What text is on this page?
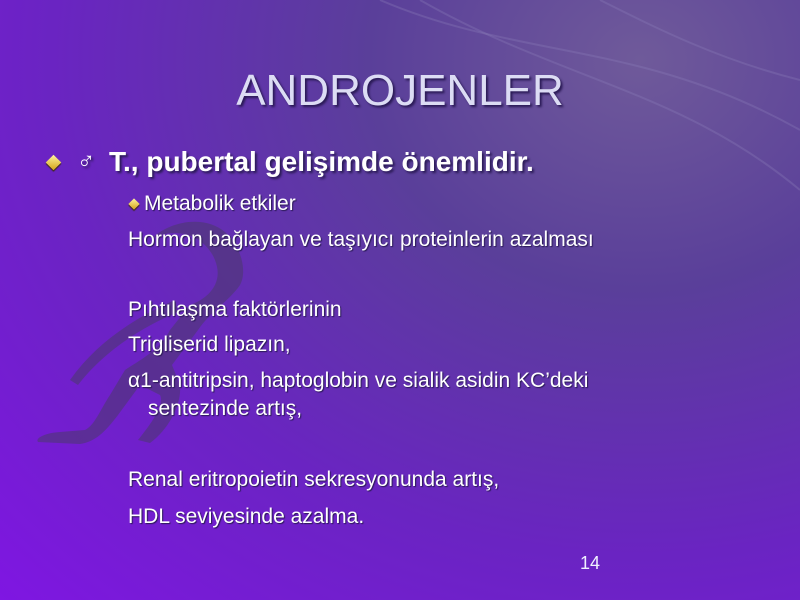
ANDROJENLER
♂ T., pubertal gelişimde önemlidir.
Metabolik etkiler
Hormon bağlayan ve taşıyıcı proteinlerin azalması
Pıhtılaşma faktörlerinin
Trigliserid lipazın,
α1-antitripsin, haptoglobin ve sialik asidin KC’deki
sentezinde artış,
Renal eritropoietin sekresyonunda artış,
HDL seviyesinde azalma.
14
